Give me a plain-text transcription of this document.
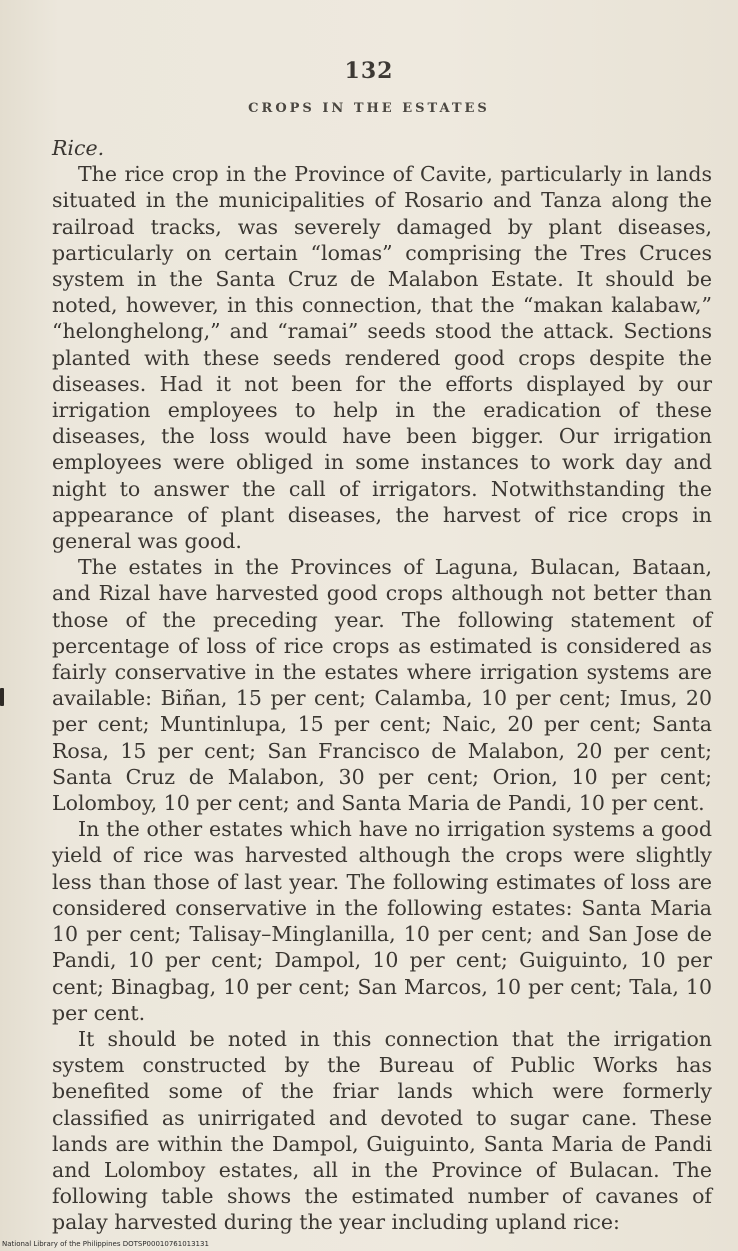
132
CROPS IN THE ESTATES

Rice.

The rice crop in the Province of Cavite, particularly in lands situated in the municipalities of Rosario and Tanza along the railroad tracks, was severely damaged by plant diseases, particularly on certain “lomas” comprising the Tres Cruces system in the Santa Cruz de Malabon Estate. It should be noted, however, in this connection, that the “makan kalabaw,” “helonghelong,” and “ramai” seeds stood the attack. Sections planted with these seeds rendered good crops despite the diseases. Had it not been for the efforts displayed by our irrigation employees to help in the eradication of these diseases, the loss would have been bigger. Our irrigation employees were obliged in some instances to work day and night to answer the call of irrigators. Notwithstanding the appearance of plant diseases, the harvest of rice crops in general was good.

The estates in the Provinces of Laguna, Bulacan, Bataan, and Rizal have harvested good crops although not better than those of the preceding year. The following statement of percentage of loss of rice crops as estimated is considered as fairly conservative in the estates where irrigation systems are available: Biñan, 15 per cent; Calamba, 10 per cent; Imus, 20 per cent; Muntinlupa, 15 per cent; Naic, 20 per cent; Santa Rosa, 15 per cent; San Francisco de Malabon, 20 per cent; Santa Cruz de Malabon, 30 per cent; Orion, 10 per cent; Lolomboy, 10 per cent; and Santa Maria de Pandi, 10 per cent.

In the other estates which have no irrigation systems a good yield of rice was harvested although the crops were slightly less than those of last year. The following estimates of loss are considered conservative in the following estates: Santa Maria 10 per cent; Talisay–Minglanilla, 10 per cent; and San Jose de Pandi, 10 per cent; Dampol, 10 per cent; Guiguinto, 10 per cent; Binagbag, 10 per cent; San Marcos, 10 per cent; Tala, 10 per cent.

It should be noted in this connection that the irrigation system constructed by the Bureau of Public Works has benefited some of the friar lands which were formerly classified as unirrigated and devoted to sugar cane. These lands are within the Dampol, Guiguinto, Santa Maria de Pandi and Lolomboy estates, all in the Province of Bulacan. The following table shows the estimated number of cavanes of palay harvested during the year including upland rice:

National Library of the Philippines DOTSP00010761013131
